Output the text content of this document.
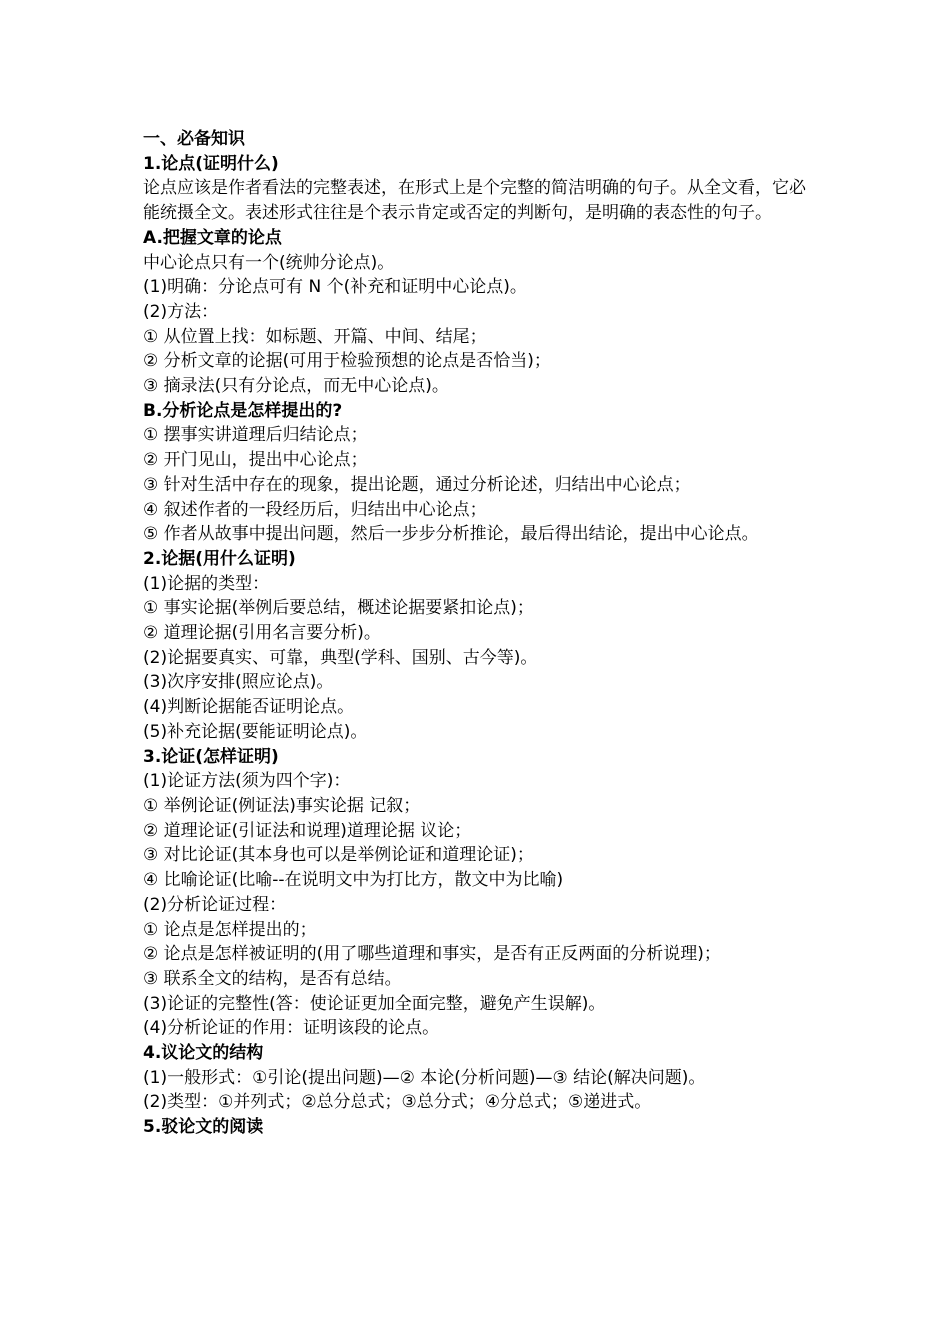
一、必备知识
1.论点(证明什么)
论点应该是作者看法的完整表述，在形式上是个完整的简洁明确的句子。从全文看，它必能统摄全文。表述形式往往是个表示肯定或否定的判断句，是明确的表态性的句子。
A.把握文章的论点
中心论点只有一个(统帅分论点)。
(1)明确：分论点可有 N 个(补充和证明中心论点)。
(2)方法：
① 从位置上找：如标题、开篇、中间、结尾；
② 分析文章的论据(可用于检验预想的论点是否恰当)；
③ 摘录法(只有分论点，而无中心论点)。
B.分析论点是怎样提出的?
① 摆事实讲道理后归结论点；
② 开门见山，提出中心论点；
③ 针对生活中存在的现象，提出论题，通过分析论述，归结出中心论点；
④ 叙述作者的一段经历后，归结出中心论点；
⑤ 作者从故事中提出问题，然后一步步分析推论，最后得出结论，提出中心论点。
2.论据(用什么证明)
(1)论据的类型：
① 事实论据(举例后要总结，概述论据要紧扣论点)；
② 道理论据(引用名言要分析)。
(2)论据要真实、可靠，典型(学科、国别、古今等)。
(3)次序安排(照应论点)。
(4)判断论据能否证明论点。
(5)补充论据(要能证明论点)。
3.论证(怎样证明)
(1)论证方法(须为四个字)：
① 举例论证(例证法)事实论据 记叙；
② 道理论证(引证法和说理)道理论据 议论；
③ 对比论证(其本身也可以是举例论证和道理论证)；
④ 比喻论证(比喻--在说明文中为打比方，散文中为比喻)
(2)分析论证过程：
① 论点是怎样提出的；
② 论点是怎样被证明的(用了哪些道理和事实，是否有正反两面的分析说理)；
③ 联系全文的结构，是否有总结。
(3)论证的完整性(答：使论证更加全面完整，避免产生误解)。
(4)分析论证的作用：证明该段的论点。
4.议论文的结构
(1)一般形式：①引论(提出问题)—② 本论(分析问题)—③ 结论(解决问题)。
(2)类型：①并列式；②总分总式；③总分式；④分总式；⑤递进式。
5.驳论文的阅读
